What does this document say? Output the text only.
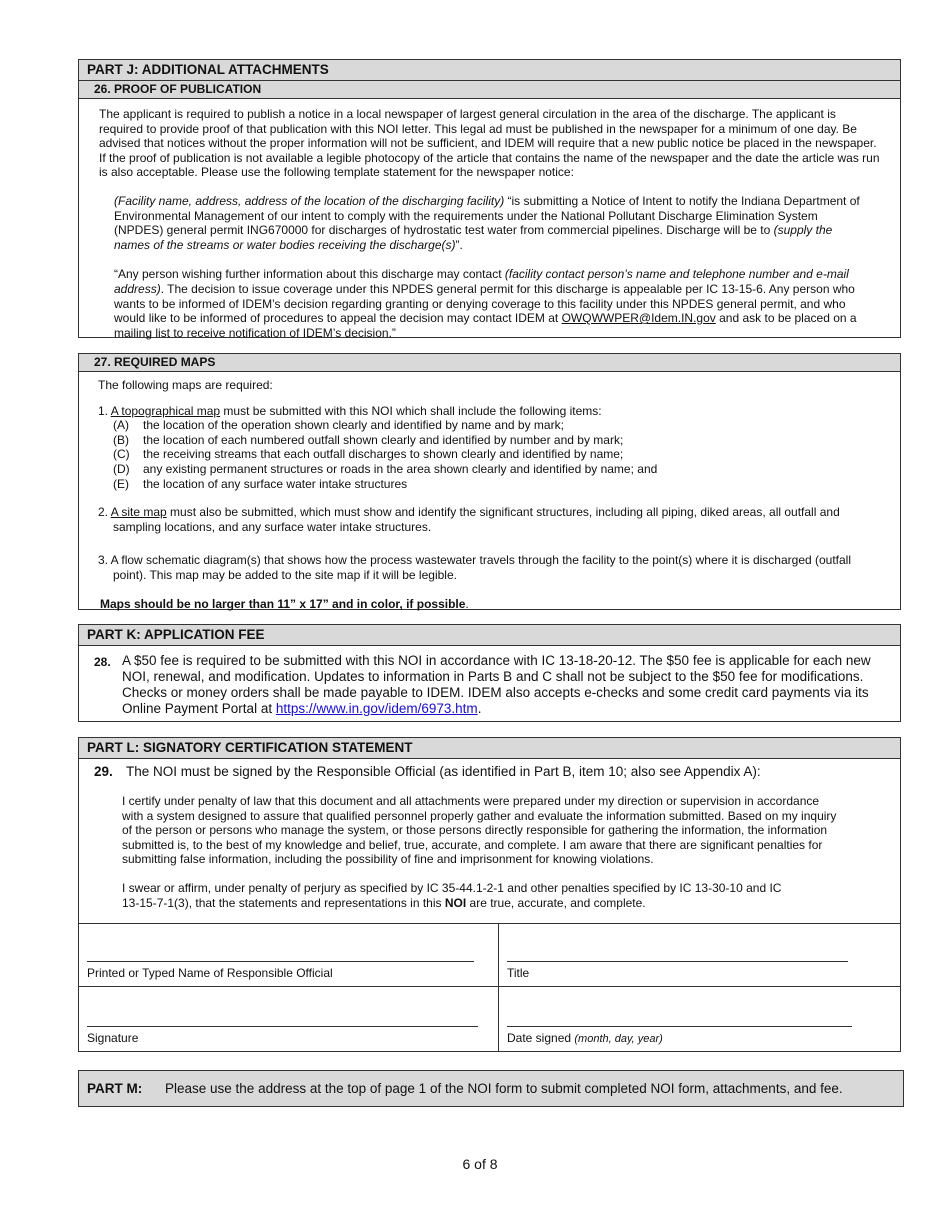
PART J: ADDITIONAL ATTACHMENTS
26. PROOF OF PUBLICATION

The applicant is required to publish a notice in a local newspaper of largest general circulation in the area of the discharge. The applicant is required to provide proof of that publication with this NOI letter. This legal ad must be published in the newspaper for a minimum of one day. Be advised that notices without the proper information will not be sufficient, and IDEM will require that a new public notice be placed in the newspaper. If the proof of publication is not available a legible photocopy of the article that contains the name of the newspaper and the date the article was run is also acceptable. Please use the following template statement for the newspaper notice:

(Facility name, address, address of the location of the discharging facility) “is submitting a Notice of Intent to notify the Indiana Department of Environmental Management of our intent to comply with the requirements under the National Pollutant Discharge Elimination System (NPDES) general permit ING670000 for discharges of hydrostatic test water from commercial pipelines. Discharge will be to (supply the names of the streams or water bodies receiving the discharge(s)”.

“Any person wishing further information about this discharge may contact (facility contact person’s name and telephone number and e-mail address). The decision to issue coverage under this NPDES general permit for this discharge is appealable per IC 13-15-6. Any person who wants to be informed of IDEM’s decision regarding granting or denying coverage to this facility under this NPDES general permit, and who would like to be informed of procedures to appeal the decision may contact IDEM at OWQWWPER@Idem.IN.gov and ask to be placed on a mailing list to receive notification of IDEM’s decision.”

27. REQUIRED MAPS

The following maps are required:

1. A topographical map must be submitted with this NOI which shall include the following items:

(A) the location of the operation shown clearly and identified by name and by mark;
(B) the location of each numbered outfall shown clearly and identified by number and by mark;
(C) the receiving streams that each outfall discharges to shown clearly and identified by name;
(D) any existing permanent structures or roads in the area shown clearly and identified by name; and
(E) the location of any surface water intake structures

2. A site map must also be submitted, which must show and identify the significant structures, including all piping, diked areas, all outfall and sampling locations, and any surface water intake structures.

3. A flow schematic diagram(s) that shows how the process wastewater travels through the facility to the point(s) where it is discharged (outfall point). This map may be added to the site map if it will be legible.

Maps should be no larger than 11” x 17” and in color, if possible.

PART K: APPLICATION FEE
28. A $50 fee is required to be submitted with this NOI in accordance with IC 13-18-20-12. The $50 fee is applicable for each new NOI, renewal, and modification. Updates to information in Parts B and C shall not be subject to the $50 fee for modifications. Checks or money orders shall be made payable to IDEM. IDEM also accepts e-checks and some credit card payments via its Online Payment Portal at https://www.in.gov/idem/6973.htm.

PART L: SIGNATORY CERTIFICATION STATEMENT
29. The NOI must be signed by the Responsible Official (as identified in Part B, item 10; also see Appendix A):

I certify under penalty of law that this document and all attachments were prepared under my direction or supervision in accordance with a system designed to assure that qualified personnel properly gather and evaluate the information submitted. Based on my inquiry of the person or persons who manage the system, or those persons directly responsible for gathering the information, the information submitted is, to the best of my knowledge and belief, true, accurate, and complete. I am aware that there are significant penalties for submitting false information, including the possibility of fine and imprisonment for knowing violations.

I swear or affirm, under penalty of perjury as specified by IC 35-44.1-2-1 and other penalties specified by IC 13-30-10 and IC 13-15-7-1(3), that the statements and representations in this NOI are true, accurate, and complete.

Printed or Typed Name of Responsible Official	Title
Signature	Date signed (month, day, year)
PART M: Please use the address at the top of page 1 of the NOI form to submit completed NOI form, attachments, and fee.
6 of 8
